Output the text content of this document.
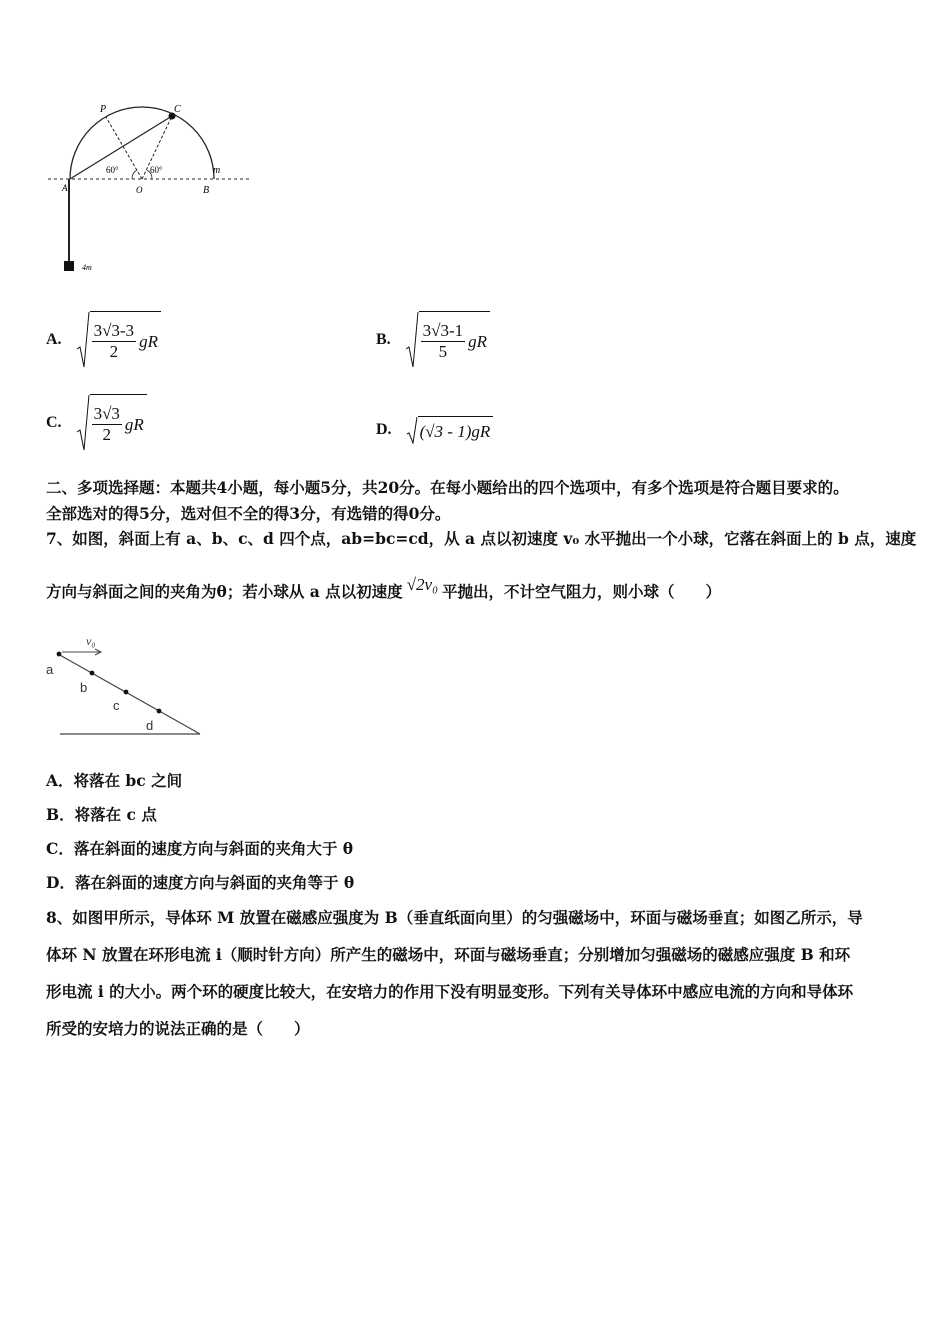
P	C
A	O	B
m
60°	60°
4m
A. $\frac{3√3-3}{2}$ gR	B. $\frac{3√3-1}{5}$ gR
C. $\frac{3√3}{2}$ gR	D. (√3 - 1)gR
二、多项选择题：本题共4小题，每小题5分，共20分。在每小题给出的四个选项中，有多个选项是符合题目要求的。
全部选对的得5分，选对但不全的得3分，有选错的得0分。
7、如图，斜面上有 a、b、c、d 四个点，ab=bc=cd，从 a 点以初速度 v₀ 水平抛出一个小球，它落在斜面上的 b 点，速度
方向与斜面之间的夹角为θ；若小球从 a 点以初速度 √2v₀ 平抛出，不计空气阻力，则小球（　　）
v₀
a
b
c
d
A．将落在 bc 之间
B．将落在 c 点
C．落在斜面的速度方向与斜面的夹角大于 θ
D．落在斜面的速度方向与斜面的夹角等于 θ
8、如图甲所示，导体环 M 放置在磁感应强度为 B（垂直纸面向里）的匀强磁场中，环面与磁场垂直；如图乙所示，导
体环 N 放置在环形电流 i（顺时针方向）所产生的磁场中，环面与磁场垂直；分别增加匀强磁场的磁感应强度 B 和环
形电流 i 的大小。两个环的硬度比较大，在安培力的作用下没有明显变形。下列有关导体环中感应电流的方向和导体环
所受的安培力的说法正确的是（　　）
